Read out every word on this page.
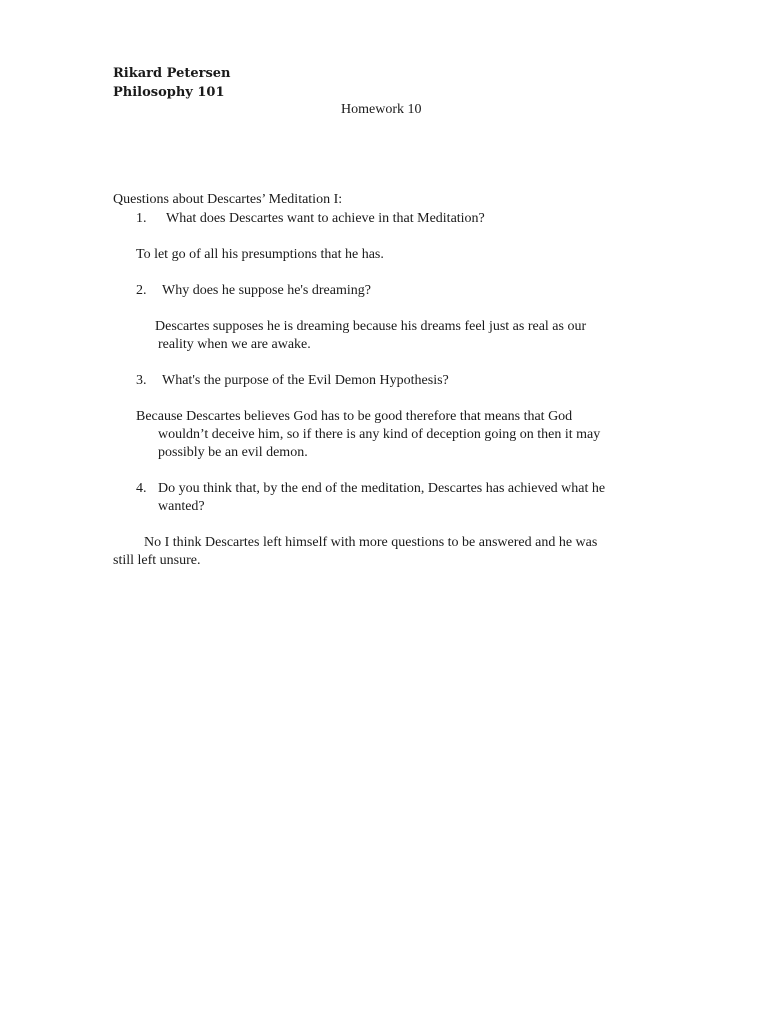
Rikard Petersen
Philosophy 101
Homework 10
Questions about Descartes’ Meditation I:
1. What does Descartes want to achieve in that Meditation?
To let go of all his presumptions that he has.
2. Why does he suppose he's dreaming?
Descartes supposes he is dreaming because his dreams feel just as real as our
reality when we are awake.
3. What's the purpose of the Evil Demon Hypothesis?
Because Descartes believes God has to be good therefore that means that God
wouldn’t deceive him, so if there is any kind of deception going on then it may
possibly be an evil demon.
4. Do you think that, by the end of the meditation, Descartes has achieved what he
wanted?
No I think Descartes left himself with more questions to be answered and he was
still left unsure.
